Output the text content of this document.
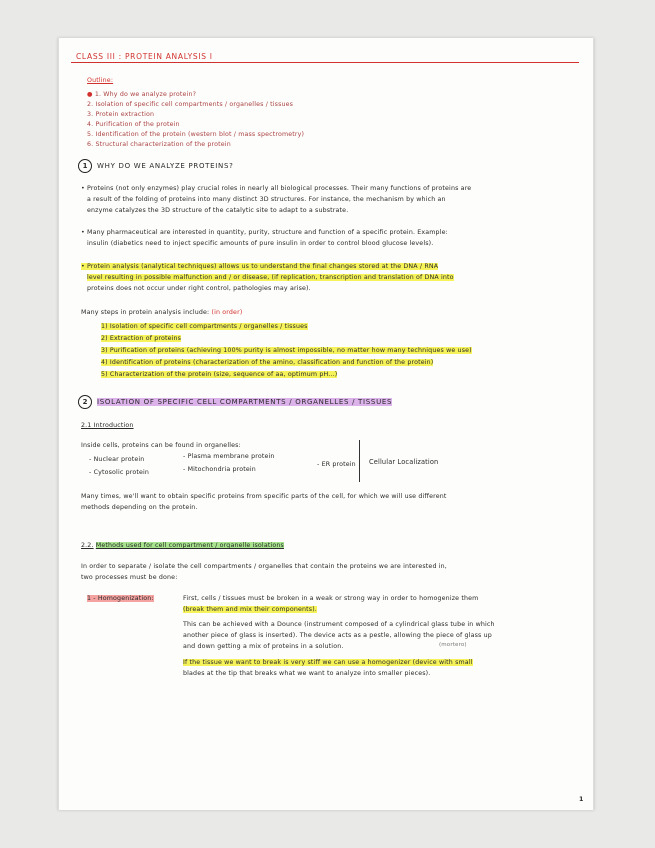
CLASS III : PROTEIN ANALYSIS I
Outline:
● 1. Why do we analyze protein?
2. Isolation of specific cell compartments / organelles / tissues
3. Protein extraction
4. Purification of the protein
5. Identification of the protein (western blot / mass spectrometry)
6. Structural characterization of the protein
1	WHY DO WE ANALYZE PROTEINS?
• Proteins (not only enzymes) play crucial roles in nearly all biological processes. Their many functions of proteins are
a result of the folding of proteins into many distinct 3D structures. For instance, the mechanism by which an
enzyme catalyzes the 3D structure of the catalytic site to adapt to a substrate.
• Many pharmaceutical are interested in quantity, purity, structure and function of a specific protein. Example:
insulin (diabetics need to inject specific amounts of pure insulin in order to control blood glucose levels).
• Protein analysis (analytical techniques) allows us to understand the final changes stored at the DNA / RNA
level resulting in possible malfunction and / or disease, (if replication, transcription and translation of DNA into
proteins does not occur under right control, pathologies may arise).
Many steps in protein analysis include: (in order)
1) Isolation of specific cell compartments / organelles / tissues
2) Extraction of proteins
3) Purification of proteins (achieving 100% purity is almost impossible, no matter how many techniques we use)
4) Identification of proteins (characterization of the amino, classification and function of the protein)
5) Characterization of the protein (size, sequence of aa, optimum pH...)
2	ISOLATION OF SPECIFIC CELL COMPARTMENTS / ORGANELLES / TISSUES
2.1 Introduction
Inside cells, proteins can be found in organelles:
- Nuclear protein
- Cytosolic protein
- Plasma membrane protein
- Mitochondria protein
- ER protein Cellular Localization
Many times, we'll want to obtain specific proteins from specific parts of the cell, for which we will use different
methods depending on the protein.
2.2. Methods used for cell compartment / organelle isolations
In order to separate / isolate the cell compartments / organelles that contain the proteins we are interested in,
two processes must be done:
1 - Homogenization:	First, cells / tissues must be broken in a weak or strong way in order to homogenize them
(break them and mix their components).
This can be achieved with a Dounce (instrument composed of a cylindrical glass tube in which
another piece of glass is inserted). The device acts as a pestle, allowing the piece of glass up
(mortero)
and down getting a mix of proteins in a solution.
If the tissue we want to break is very stiff we can use a homogenizer (device with small
blades at the tip that breaks what we want to analyze into smaller pieces).
1
